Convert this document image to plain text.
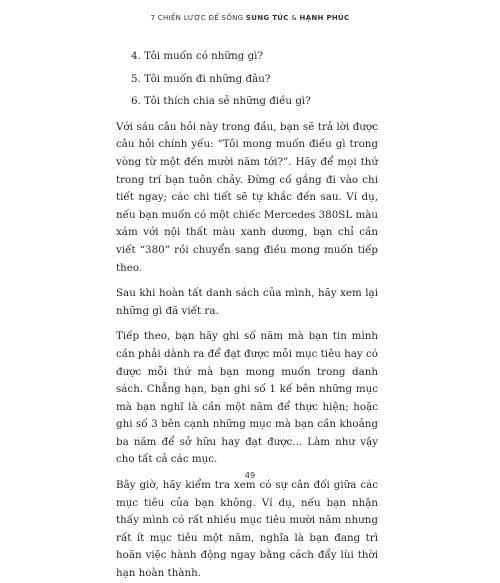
7 CHIẾN LƯỢC ĐỂ SỐNG SUNG TÚC & HẠNH PHÚC

4. Tôi muốn có những gì?

5. Tôi muốn đi những đâu?

6. Tôi thích chia sẻ những điều gì?

Với sáu câu hỏi này trong đầu, bạn sẽ trả lời được câu hỏi chính yếu: “Tôi mong muốn điều gì trong vòng từ một đến mười năm tới?”. Hãy để mọi thứ trong trí bạn tuôn chảy. Đừng cố gắng đi vào chi tiết ngay; các chi tiết sẽ tự khắc đến sau. Ví dụ, nếu bạn muốn có một chiếc Mercedes 380SL màu xám với nội thất màu xanh dương, bạn chỉ cần viết “380” rồi chuyển sang điều mong muốn tiếp theo.

Sau khi hoàn tất danh sách của mình, hãy xem lại những gì đã viết ra.

Tiếp theo, bạn hãy ghi số năm mà bạn tin mình cần phải dành ra để đạt được mỗi mục tiêu hay có được mỗi thứ mà bạn mong muốn trong danh sách. Chẳng hạn, bạn ghi số 1 kế bên những mục mà bạn nghĩ là cần một năm để thực hiện; hoặc ghi số 3 bên cạnh những mục mà bạn cần khoảng ba năm để sở hữu hay đạt được... Làm như vậy cho tất cả các mục.

Bây giờ, hãy kiểm tra xem có sự cân đối giữa các mục tiêu của bạn không. Ví dụ, nếu bạn nhận thấy mình có rất nhiều mục tiêu mười năm nhưng rất ít mục tiêu một năm, nghĩa là bạn đang trì hoãn việc hành động ngay bằng cách đẩy lùi thời hạn hoàn thành.

49
